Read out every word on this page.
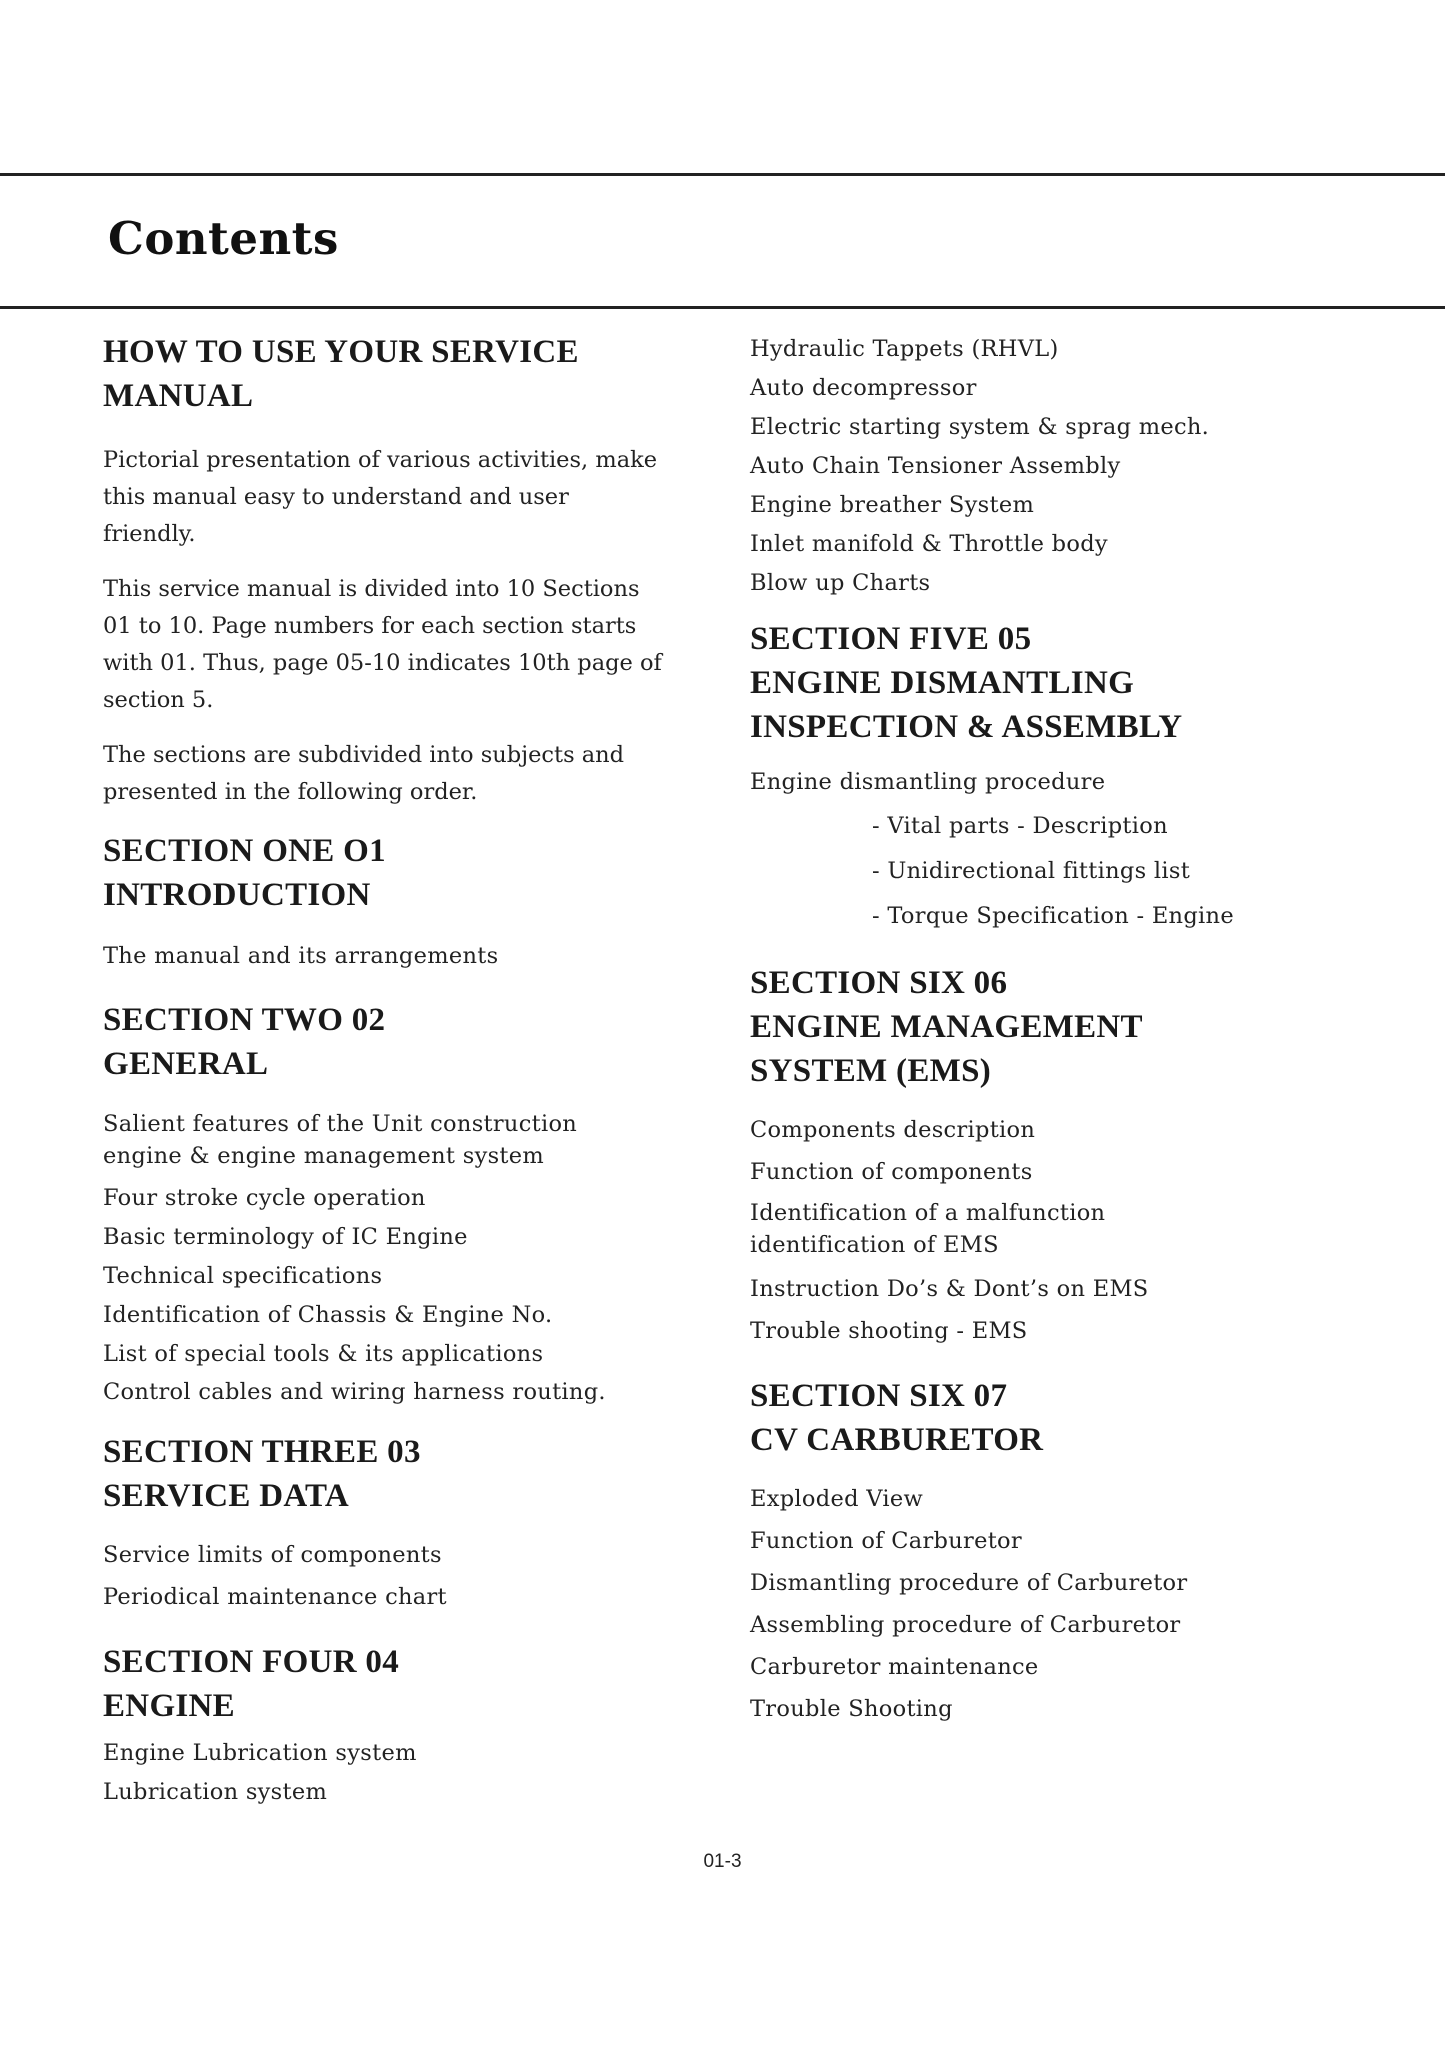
Contents
HOW TO USE YOUR SERVICE
MANUAL

Pictorial presentation of various activities, make this manual easy to understand and user friendly.

This service manual is divided into 10 Sections 01 to 10. Page numbers for each section starts with 01. Thus, page 05-10 indicates 10th page of section 5.

The sections are subdivided into subjects and presented in the following order.

SECTION ONE O1
INTRODUCTION

The manual and its arrangements

SECTION TWO 02
GENERAL

Salient features of the Unit construction engine & engine management system

Four stroke cycle operation

Basic terminology of IC Engine

Technical specifications

Identification of Chassis & Engine No.

List of special tools & its applications

Control cables and wiring harness routing.

SECTION THREE 03
SERVICE DATA

Service limits of components

Periodical maintenance chart

SECTION FOUR 04
ENGINE

Engine Lubrication system

Lubrication system

Hydraulic Tappets (RHVL)

Auto decompressor

Electric starting system & sprag mech.

Auto Chain Tensioner Assembly

Engine breather System

Inlet manifold & Throttle body

Blow up Charts

SECTION FIVE 05
ENGINE DISMANTLING
INSPECTION & ASSEMBLY

Engine dismantling procedure

- Vital parts - Description

- Unidirectional fittings list

- Torque Specification - Engine

SECTION SIX 06
ENGINE MANAGEMENT
SYSTEM (EMS)

Components description

Function of components

Identification of a malfunction identification of EMS

Instruction Do’s & Dont’s on EMS

Trouble shooting - EMS

SECTION SIX 07
CV CARBURETOR

Exploded View

Function of Carburetor

Dismantling procedure of Carburetor

Assembling procedure of Carburetor

Carburetor maintenance

Trouble Shooting

01-3
